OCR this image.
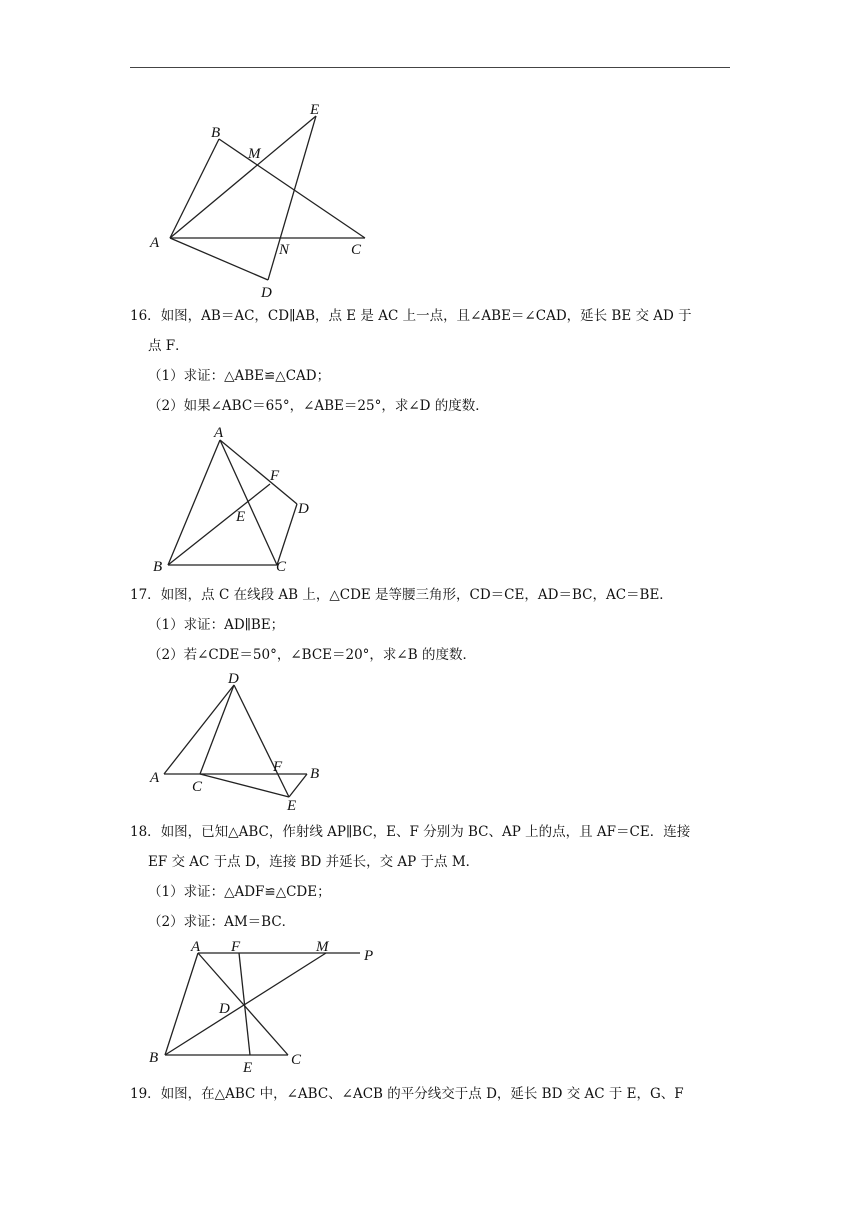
B
M
E
A	N	C
D
16．如图，AB＝AC，CD∥AB，点 E 是 AC 上一点，且∠ABE＝∠CAD，延长 BE 交 AD 于
点 F．
（1）求证：△ABE≌△CAD；
（2）如果∠ABC＝65°，∠ABE＝25°，求∠D 的度数．
A
F
E	D
B	C
17．如图，点 C 在线段 AB 上，△CDE 是等腰三角形，CD＝CE，AD＝BC，AC＝BE．
（1）求证：AD∥BE；
（2）若∠CDE＝50°，∠BCE＝20°，求∠B 的度数．
D
A
C
F B
E
18．如图，已知△ABC，作射线 AP∥BC，E、F 分别为 BC、AP 上的点，且 AF＝CE．连接
EF 交 AC 于点 D，连接 BD 并延长，交 AP 于点 M．
（1）求证：△ADF≌△CDE；
（2）求证：AM＝BC．
A F	M
P
D
B
E	C
19．如图，在△ABC 中，∠ABC、∠ACB 的平分线交于点 D，延长 BD 交 AC 于 E，G、F
